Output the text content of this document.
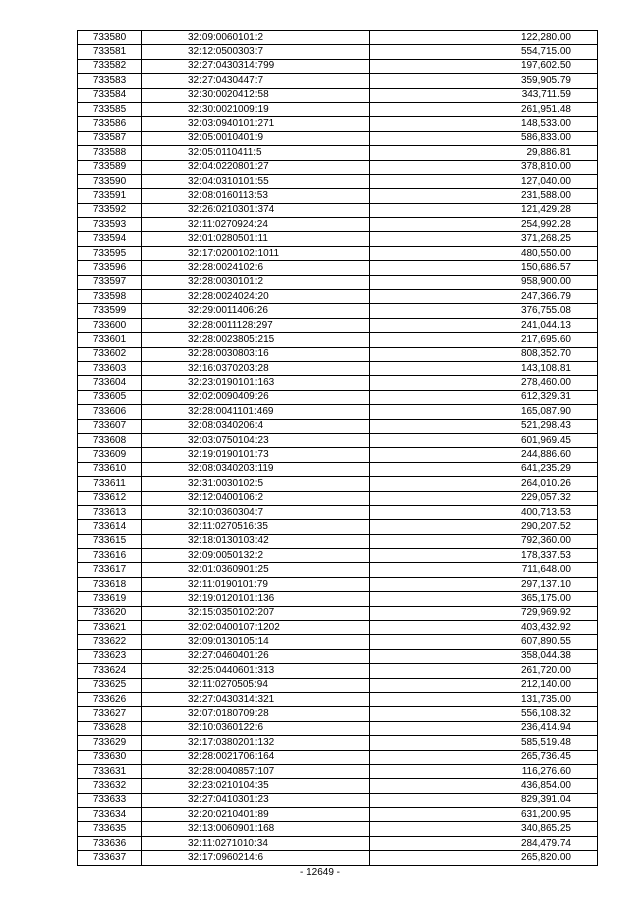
733580	32:09:0060101:2	122,280.00
733581	32:12:0500303:7	554,715.00
733582	32:27:0430314:799	197,602.50
733583	32:27:0430447:7	359,905.79
733584	32:30:0020412:58	343,711.59
733585	32:30:0021009:19	261,951.48
733586	32:03:0940101:271	148,533.00
733587	32:05:0010401:9	586,833.00
733588	32:05:0110411:5	29,886.81
733589	32:04:0220801:27	378,810.00
733590	32:04:0310101:55	127,040.00
733591	32:08:0160113:53	231,588.00
733592	32:26:0210301:374	121,429.28
733593	32:11:0270924:24	254,992.28
733594	32:01:0280501:11	371,268.25
733595	32:17:0200102:1011	480,550.00
733596	32:28:0024102:6	150,686.57
733597	32:28:0030101:2	958,900.00
733598	32:28:0024024:20	247,366.79
733599	32:29:0011406:26	376,755.08
733600	32:28:0011128:297	241,044.13
733601	32:28:0023805:215	217,695.60
733602	32:28:0030803:16	808,352.70
733603	32:16:0370203:28	143,108.81
733604	32:23:0190101:163	278,460.00
733605	32:02:0090409:26	612,329.31
733606	32:28:0041101:469	165,087.90
733607	32:08:0340206:4	521,298.43
733608	32:03:0750104:23	601,969.45
733609	32:19:0190101:73	244,886.60
733610	32:08:0340203:119	641,235.29
733611	32:31:0030102:5	264,010.26
733612	32:12:0400106:2	229,057.32
733613	32:10:0360304:7	400,713.53
733614	32:11:0270516:35	290,207.52
733615	32:18:0130103:42	792,360.00
733616	32:09:0050132:2	178,337.53
733617	32:01:0360901:25	711,648.00
733618	32:11:0190101:79	297,137.10
733619	32:19:0120101:136	365,175.00
733620	32:15:0350102:207	729,969.92
733621	32:02:0400107:1202	403,432.92
733622	32:09:0130105:14	607,890.55
733623	32:27:0460401:26	358,044.38
733624	32:25:0440601:313	261,720.00
733625	32:11:0270505:94	212,140.00
733626	32:27:0430314:321	131,735.00
733627	32:07:0180709:28	556,108.32
733628	32:10:0360122:6	236,414.94
733629	32:17:0380201:132	585,519.48
733630	32:28:0021706:164	265,736.45
733631	32:28:0040857:107	116,276.60
733632	32:23:0210104:35	436,854.00
733633	32:27:0410301:23	829,391.04
733634	32:20:0210401:89	631,200.95
733635	32:13:0060901:168	340,865.25
733636	32:11:0271010:34	284,479.74
733637	32:17:0960214:6	265,820.00
- 12649 -
